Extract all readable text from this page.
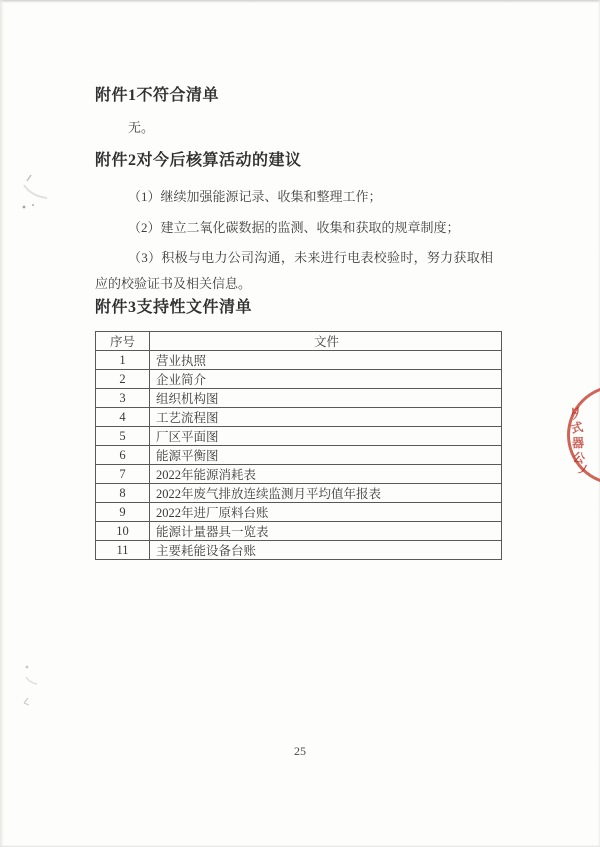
附件1不符合清单

无。

附件2对今后核算活动的建议

（1）继续加强能源记录、收集和整理工作；

（2）建立二氧化碳数据的监测、收集和获取的规章制度；

（3）积极与电力公司沟通，未来进行电表校验时，努力获取相应的校验证书及相关信息。

附件3支持性文件清单
序号	文件
1	营业执照
2	企业简介
3	组织机构图
4	工艺流程图
5	厂区平面图
6	能源平衡图
7	2022年能源消耗表
8	2022年废气排放连续监测月平均值年报表
9	2022年进厂原料台账
10	能源计量器具一览表
11	主要耗能设备台账
夕
式
器
公
丿
25
